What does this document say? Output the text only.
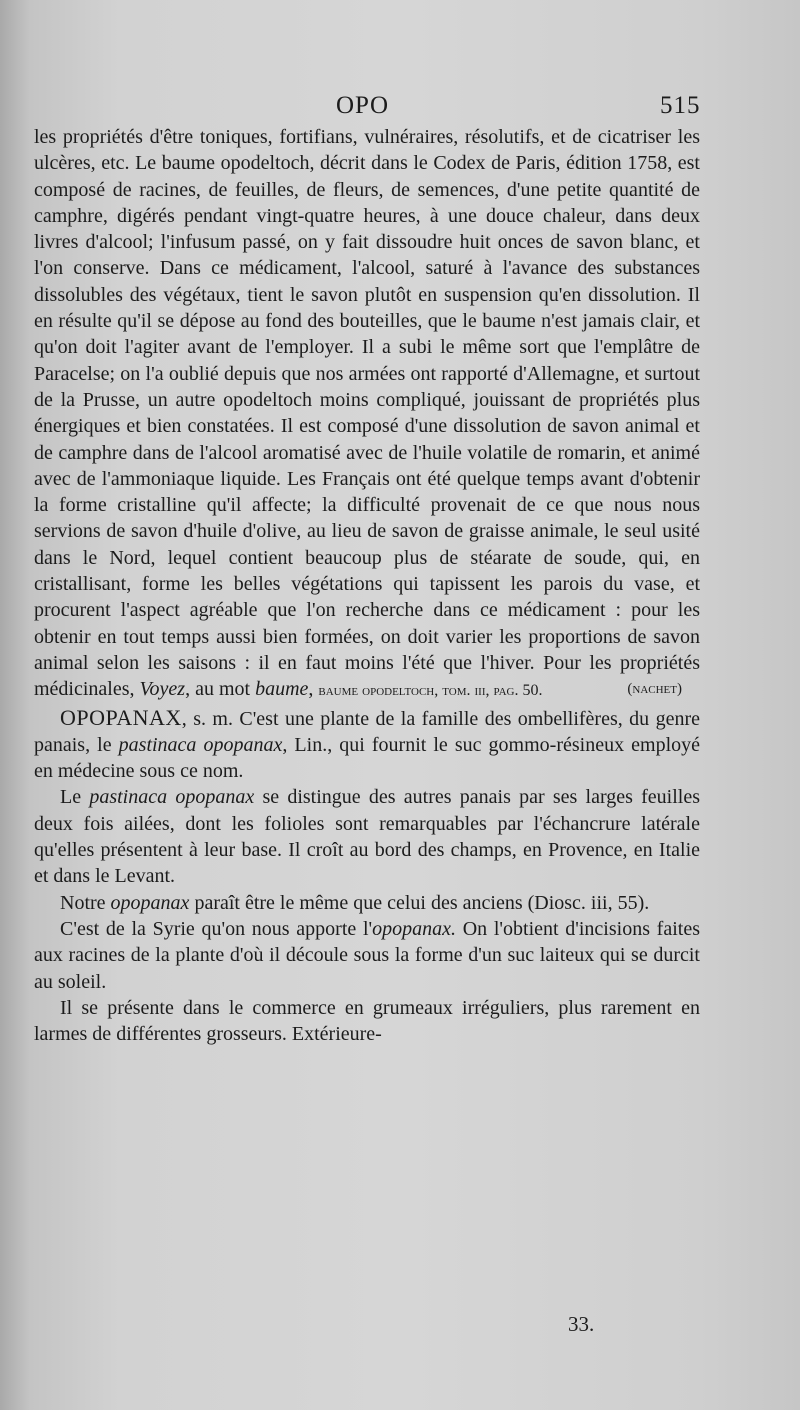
OPO	515

les propriétés d'être toniques, fortifians, vulnéraires, résolutifs, et de cicatriser les ulcères, etc. Le baume opodeltoch, décrit dans le Codex de Paris, édition 1758, est composé de racines, de feuilles, de fleurs, de semences, d'une petite quantité de camphre, digérés pendant vingt-quatre heures, à une douce chaleur, dans deux livres d'alcool; l'infusum passé, on y fait dissoudre huit onces de savon blanc, et l'on conserve. Dans ce médicament, l'alcool, saturé à l'avance des substances dissolubles des végétaux, tient le savon plutôt en suspension qu'en dissolution. Il en résulte qu'il se dépose au fond des bouteilles, que le baume n'est jamais clair, et qu'on doit l'agiter avant de l'employer. Il a subi le même sort que l'emplâtre de Paracelse; on l'a oublié depuis que nos armées ont rapporté d'Allemagne, et surtout de la Prusse, un autre opodeltoch moins compliqué, jouissant de propriétés plus énergiques et bien constatées. Il est composé d'une dissolution de savon animal et de camphre dans de l'alcool aromatisé avec de l'huile volatile de romarin, et animé avec de l'ammoniaque liquide. Les Français ont été quelque temps avant d'obtenir la forme cristalline qu'il affecte; la difficulté provenait de ce que nous nous servions de savon d'huile d'olive, au lieu de savon de graisse animale, le seul usité dans le Nord, lequel contient beaucoup plus de stéarate de soude, qui, en cristallisant, forme les belles végétations qui tapissent les parois du vase, et procurent l'aspect agréable que l'on recherche dans ce médicament : pour les obtenir en tout temps aussi bien formées, on doit varier les proportions de savon animal selon les saisons : il en faut moins l'été que l'hiver. Pour les propriétés médicinales, Voyez, au mot baume, baume opodeltoch, tom. iii, pag. 50.	(nachet)

OPOPANAX, s. m. C'est une plante de la famille des ombellifères, du genre panais, le pastinaca opopanax, Lin., qui fournit le suc gommo-résineux employé en médecine sous ce nom.

Le pastinaca opopanax se distingue des autres panais par ses larges feuilles deux fois ailées, dont les folioles sont remarquables par l'échancrure latérale qu'elles présentent à leur base. Il croît au bord des champs, en Provence, en Italie et dans le Levant.

Notre opopanax paraît être le même que celui des anciens (Diosc. iii, 55).

C'est de la Syrie qu'on nous apporte l'opopanax. On l'obtient d'incisions faites aux racines de la plante d'où il découle sous la forme d'un suc laiteux qui se durcit au soleil.

Il se présente dans le commerce en grumeaux irréguliers, plus rarement en larmes de différentes grosseurs. Extérieure-

33.
